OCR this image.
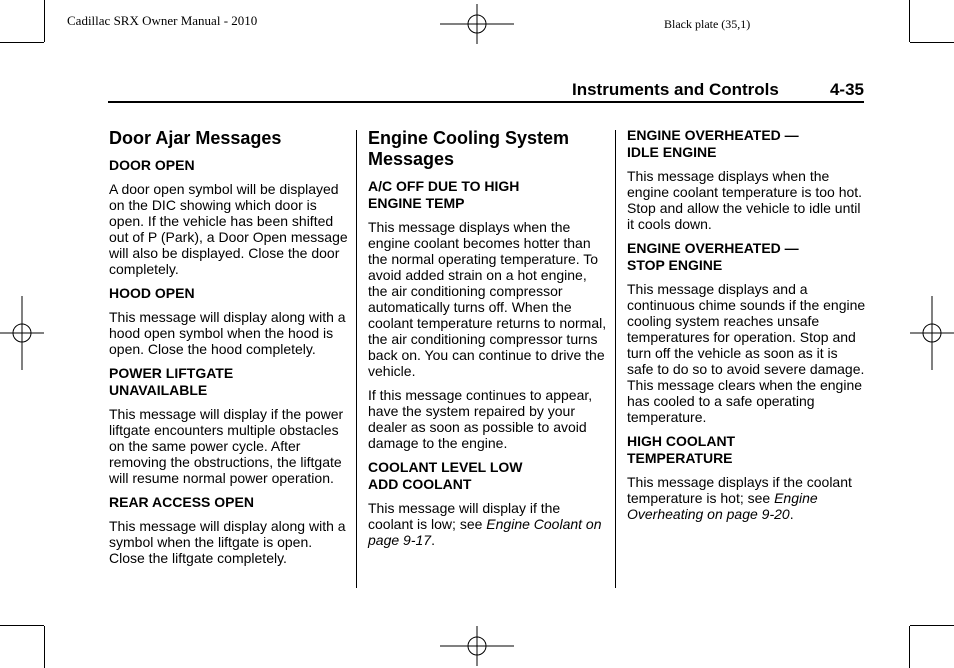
Cadillac SRX Owner Manual - 2010	Black plate (35,1)
Instruments and Controls	4-35
Door Ajar Messages
DOOR OPEN

A door open symbol will be displayed on the DIC showing which door is open. If the vehicle has been shifted out of P (Park), a Door Open message will also be displayed. Close the door completely.

HOOD OPEN

This message will display along with a hood open symbol when the hood is open. Close the hood completely.

POWER LIFTGATE UNAVAILABLE

This message will display if the power liftgate encounters multiple obstacles on the same power cycle. After removing the obstructions, the liftgate will resume normal power operation.

REAR ACCESS OPEN

This message will display along with a symbol when the liftgate is open. Close the liftgate completely.

Engine Cooling System Messages
A/C OFF DUE TO HIGH ENGINE TEMP

This message displays when the engine coolant becomes hotter than the normal operating temperature. To avoid added strain on a hot engine, the air conditioning compressor automatically turns off. When the coolant temperature returns to normal, the air conditioning compressor turns back on. You can continue to drive the vehicle.

If this message continues to appear, have the system repaired by your dealer as soon as possible to avoid damage to the engine.

COOLANT LEVEL LOW ADD COOLANT

This message will display if the coolant is low; see Engine Coolant on page 9‑17.

ENGINE OVERHEATED — IDLE ENGINE

This message displays when the engine coolant temperature is too hot. Stop and allow the vehicle to idle until it cools down.

ENGINE OVERHEATED — STOP ENGINE

This message displays and a continuous chime sounds if the engine cooling system reaches unsafe temperatures for operation. Stop and turn off the vehicle as soon as it is safe to do so to avoid severe damage. This message clears when the engine has cooled to a safe operating temperature.

HIGH COOLANT TEMPERATURE

This message displays if the coolant temperature is hot; see Engine Overheating on page 9‑20.
